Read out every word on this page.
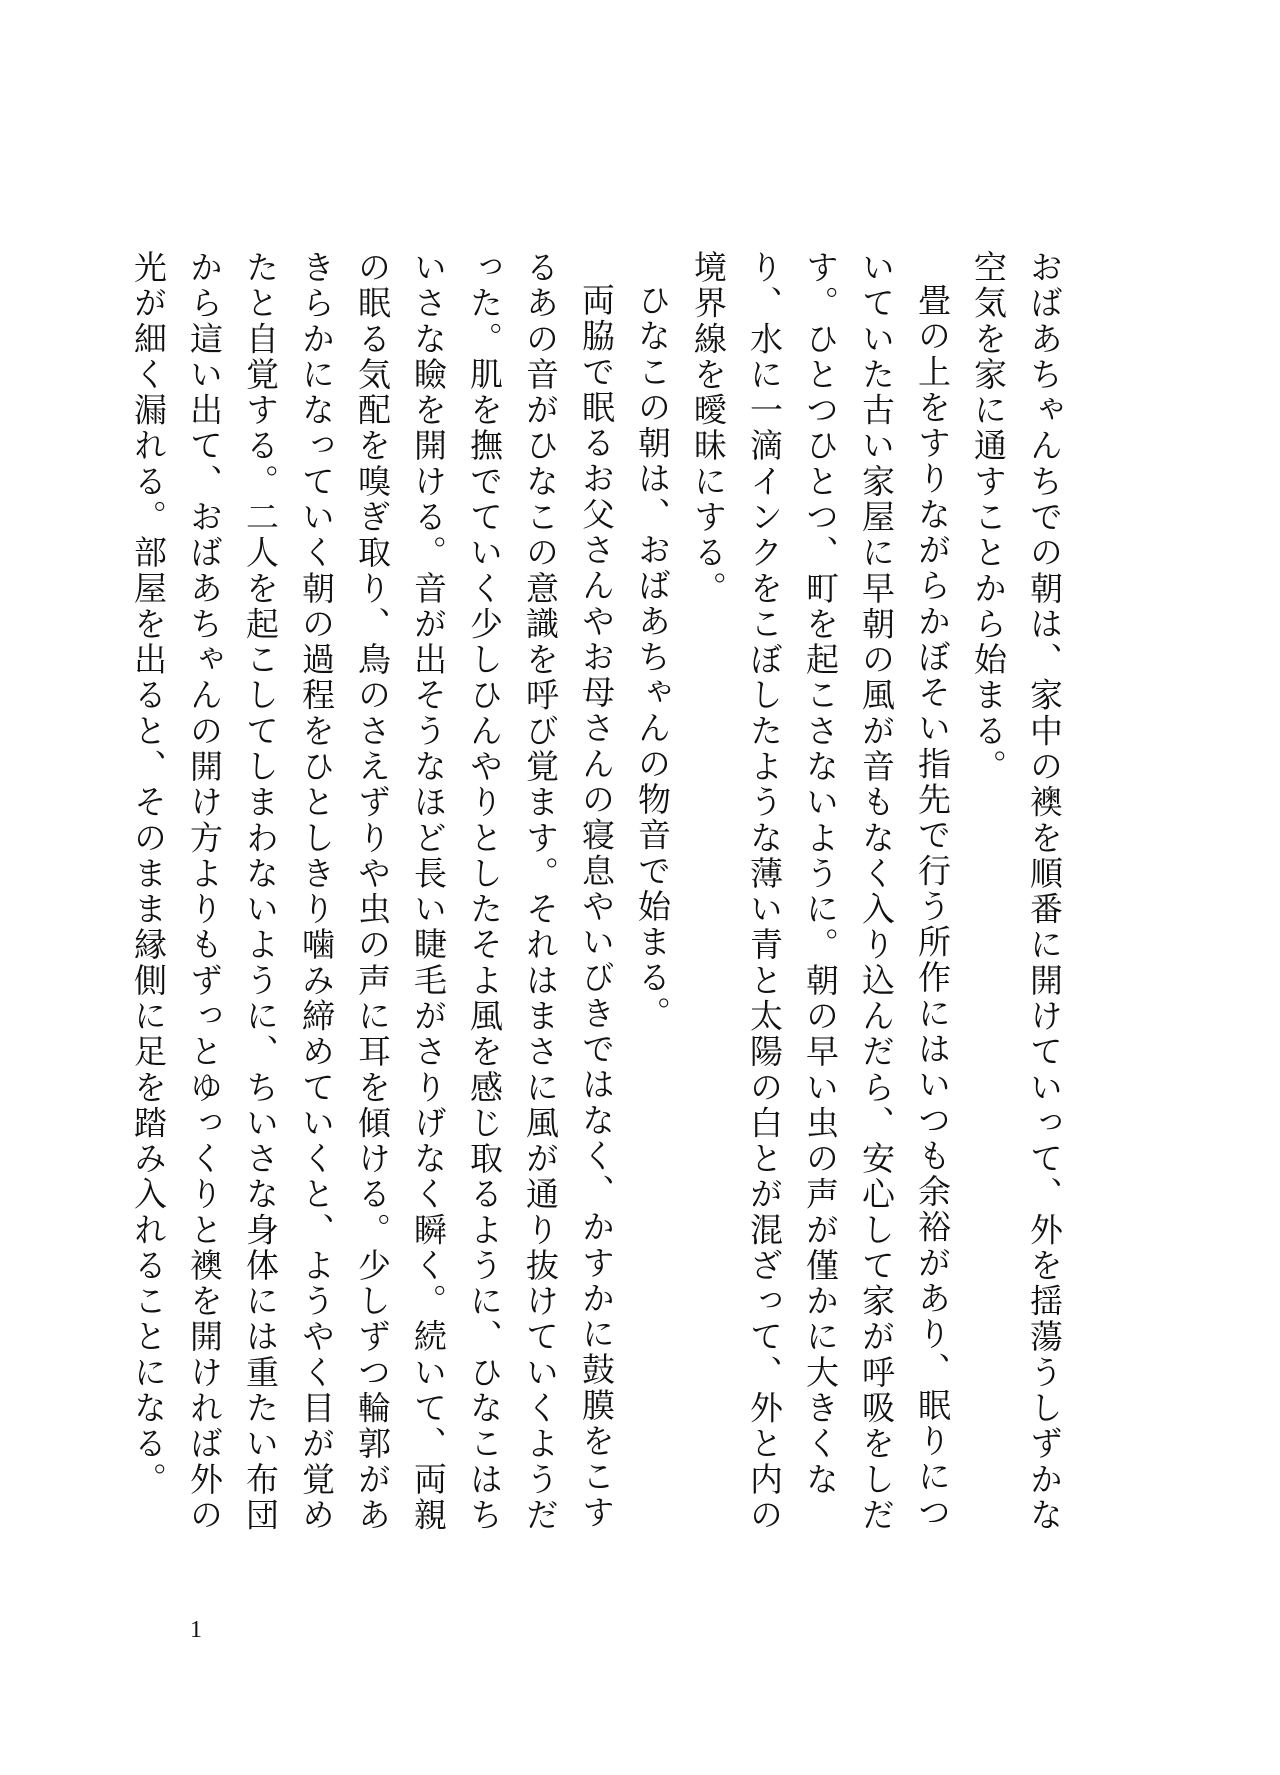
おばあちゃんちでの朝は、家中の襖を順番に開けていって、外を揺蕩うしずかな空気を家に通すことから始まる。

畳の上をすりながらかぼそい指先で行う所作にはいつも余裕があり、眠りについていた古い家屋に早朝の風が音もなく入り込んだら、安心して家が呼吸をしだす。ひとつひとつ、町を起こさないように。朝の早い虫の声が僅かに大きくなり、水に一滴インクをこぼしたような薄い青と太陽の白とが混ざって、外と内の境界線を曖昧にする。

ひなこの朝は、おばあちゃんの物音で始まる。

両脇で眠るお父さんやお母さんの寝息やいびきではなく、かすかに鼓膜をこするあの音がひなこの意識を呼び覚ます。それはまさに風が通り抜けていくようだった。肌を撫でていく少しひんやりとしたそよ風を感じ取るように、ひなこはちいさな瞼を開ける。音が出そうなほど長い睫毛がさりげなく瞬く。続いて、両親の眠る気配を嗅ぎ取り、鳥のさえずりや虫の声に耳を傾ける。少しずつ輪郭があきらかになっていく朝の過程をひとしきり噛み締めていくと、ようやく目が覚めたと自覚する。二人を起こしてしまわないように、ちいさな身体には重たい布団から這い出て、おばあちゃんの開け方よりもずっとゆっくりと襖を開ければ外の光が細く漏れる。部屋を出ると、そのまま縁側に足を踏み入れることになる。

1
